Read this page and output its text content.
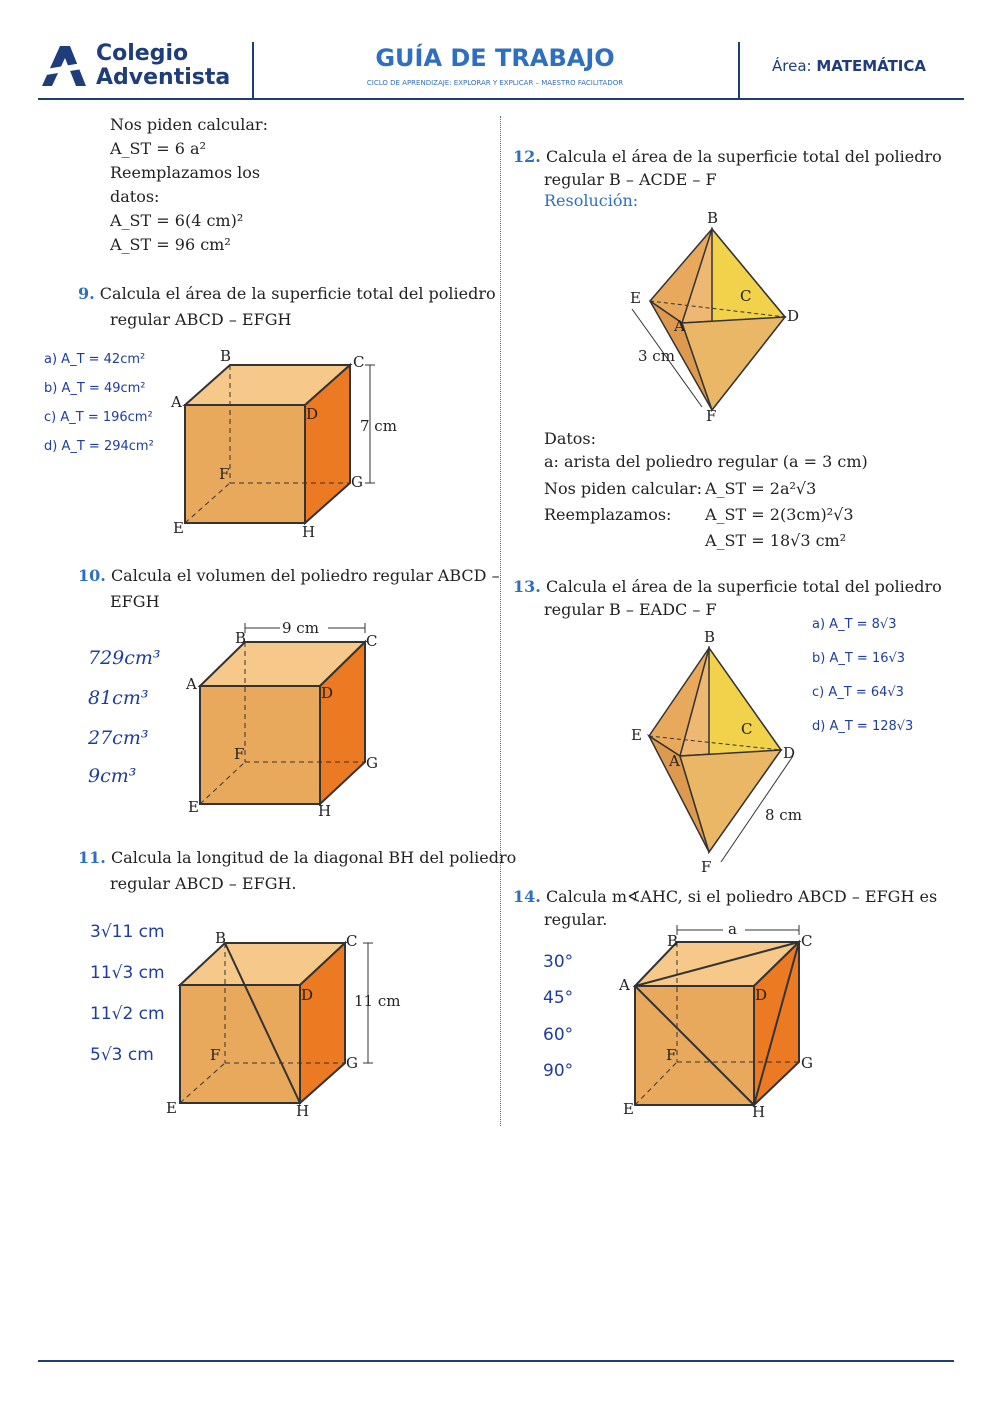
Colegio
Adventista
GUÍA DE TRABAJO
CICLO DE APRENDIZAJE: EXPLORAR Y EXPLICAR – MAESTRO FACILITADOR
Área: MATEMÁTICA
Nos piden calcular:
A_ST = 6 a²
Reemplazamos los
datos:
A_ST = 6(4 cm)²
A_ST = 96 cm²
9. Calcula el área de la superficie total del poliedro
regular ABCD – EFGH
a) A_T = 42cm²
b) A_T = 49cm²
c) A_T = 196cm²
d) A_T = 294cm²
B	C
A
D
F	G
E	H
7 cm
10. Calcula el volumen del poliedro regular ABCD –
EFGH
729cm³
81cm³
27cm³
9cm³
9 cm
B	C
A	D
F	G
E	H
11. Calcula la longitud de la diagonal BH del poliedro
regular ABCD – EFGH.
3√11 cm
11√3 cm
11√2 cm
5√3 cm
B	C
D
F	G
E	H
11 cm
12. Calcula el área de la superficie total del poliedro
regular B – ACDE – F
Resolución:
B
E	C
D
A
F
3 cm
Datos:
a: arista del poliedro regular (a = 3 cm)
Nos piden calcular: A_ST = 2a²√3
Reemplazamos: A_ST = 2(3cm)²√3
A_ST = 18√3 cm²
13. Calcula el área de la superficie total del poliedro
regular B – EADC – F
a) A_T = 8√3
b) A_T = 16√3
c) A_T = 64√3
d) A_T = 128√3
B
E	C
D
A
F
8 cm
14. Calcula m∢AHC, si el poliedro ABCD – EFGH es
regular.
30°
45°
60°
90°
a
B	C
A
D
F	G
E	H
